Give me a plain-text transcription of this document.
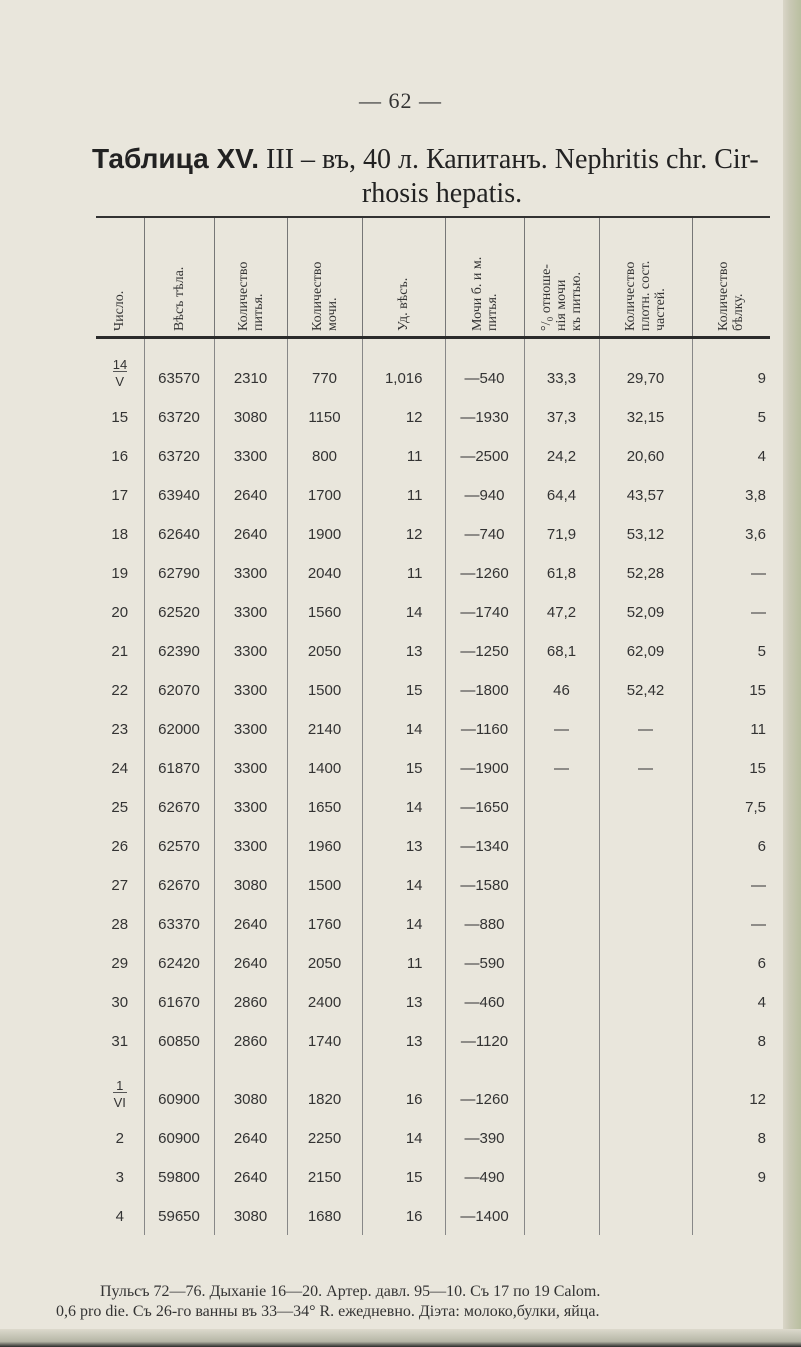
— 62 —
Таблица XV. III – въ, 40 л. Капитанъ. Nephritis chr. Cir-
rhosis hepatis.
Число.	Вѣсъ тѣла.	Количество
питья.	Количество
мочи.	Уд. вѣсъ.	Мочи б. и м.
питья.	°/₀ отноше-
нія мочи
къ питью.	Количество
плотн. сост.
частей.	Количество
бѣлку.

14
V	63570	2310	770	1,016	—540	33,3	29,70	9

15	63720	3080	1150	12	—1930	37,3	32,15	5

16	63720	3300	800	11	—2500	24,2	20,60	4

17	63940	2640	1700	11	—940	64,4	43,57	3,8

18	62640	2640	1900	12	—740	71,9	53,12	3,6

19	62790	3300	2040	11	—1260	61,8	52,28	—

20	62520	3300	1560	14	—1740	47,2	52,09	—

21	62390	3300	2050	13	—1250	68,1	62,09	5

22	62070	3300	1500	15	—1800	46	52,42	15

23	62000	3300	2140	14	—1160	—	—	11

24	61870	3300	1400	15	—1900	—	—	15

25	62670	3300	1650	14	—1650			7,5

26	62570	3300	1960	13	—1340			6

27	62670	3080	1500	14	—1580			—

28	63370	2640	1760	14	—880			—

29	62420	2640	2050	11	—590			6

30	61670	2860	2400	13	—460			4

31	60850	2860	1740	13	—1120			8

1
VI	60900	3080	1820	16	—1260			12

2	60900	2640	2250	14	—390			8

3	59800	2640	2150	15	—490			9

4	59650	3080	1680	16	—1400			

Пульсъ 72—76. Дыханіе 16—20. Артер. давл. 95—10. Съ 17 по 19 Calom.
0,6 pro die. Съ 26-го ванны въ 33—34° R. ежедневно. Діэта: молоко,булки, яйца.
